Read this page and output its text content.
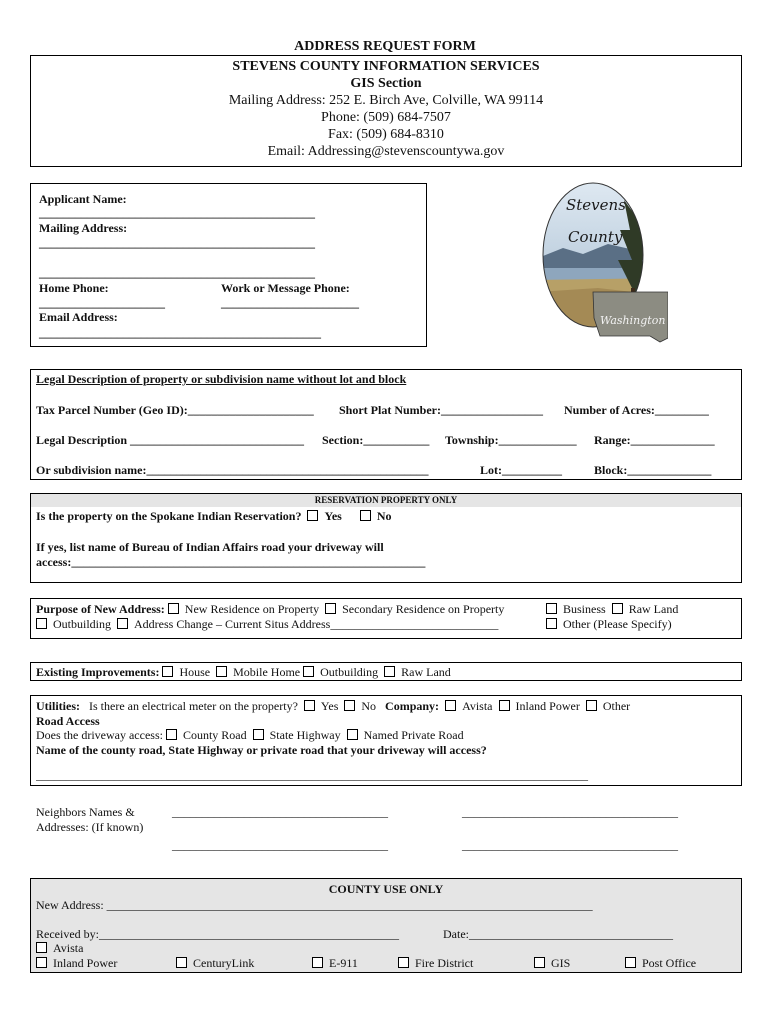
ADDRESS REQUEST FORM
STEVENS COUNTY INFORMATION SERVICES
GIS Section
Mailing Address: 252 E. Birch Ave, Colville, WA 99114
Phone: (509) 684-7507
Fax: (509) 684-8310
Email: Addressing@stevenscountywa.gov
Applicant Name:
______________________________________________
Mailing Address:
______________________________________________
______________________________________________
Home Phone:	Work or Message Phone:
_____________________	_______________________
Email Address:
_______________________________________________
Stevens
County
Washington
Legal Description of property or subdivision name without lot and block
Tax Parcel Number (Geo ID):_____________________ Short Plat Number:_________________ Number of Acres:_________
Legal Description _____________________________ Section:___________ Township:_____________ Range:______________
Or subdivision name:_______________________________________________	Lot:__________	Block:______________
RESERVATION PROPERTY ONLY
Is the property on the Spokane Indian Reservation? Yes	No
If yes, list name of Bureau of Indian Affairs road your driveway will
access:___________________________________________________________
Purpose of New Address: New Residence on Property Secondary Residence on Property	Business Raw Land
Outbuilding Address Change – Current Situs Address____________________________	Other (Please Specify)
Existing Improvements: House Mobile Home Outbuilding Raw Land
Utilities: Is there an electrical meter on the property? Yes No Company: Avista Inland Power Other
Road Access
Does the driveway access: County Road State Highway Named Private Road
Name of the county road, State Highway or private road that your driveway will access?
____________________________________________________________________________________________
Neighbors Names &
Addresses: (If known)
____________________________________	____________________________________
____________________________________	____________________________________
COUNTY USE ONLY
New Address: _________________________________________________________________________________
Received by:__________________________________________________	Date:__________________________________
Avista
Inland Power	CenturyLink	E-911	Fire District	GIS	Post Office
